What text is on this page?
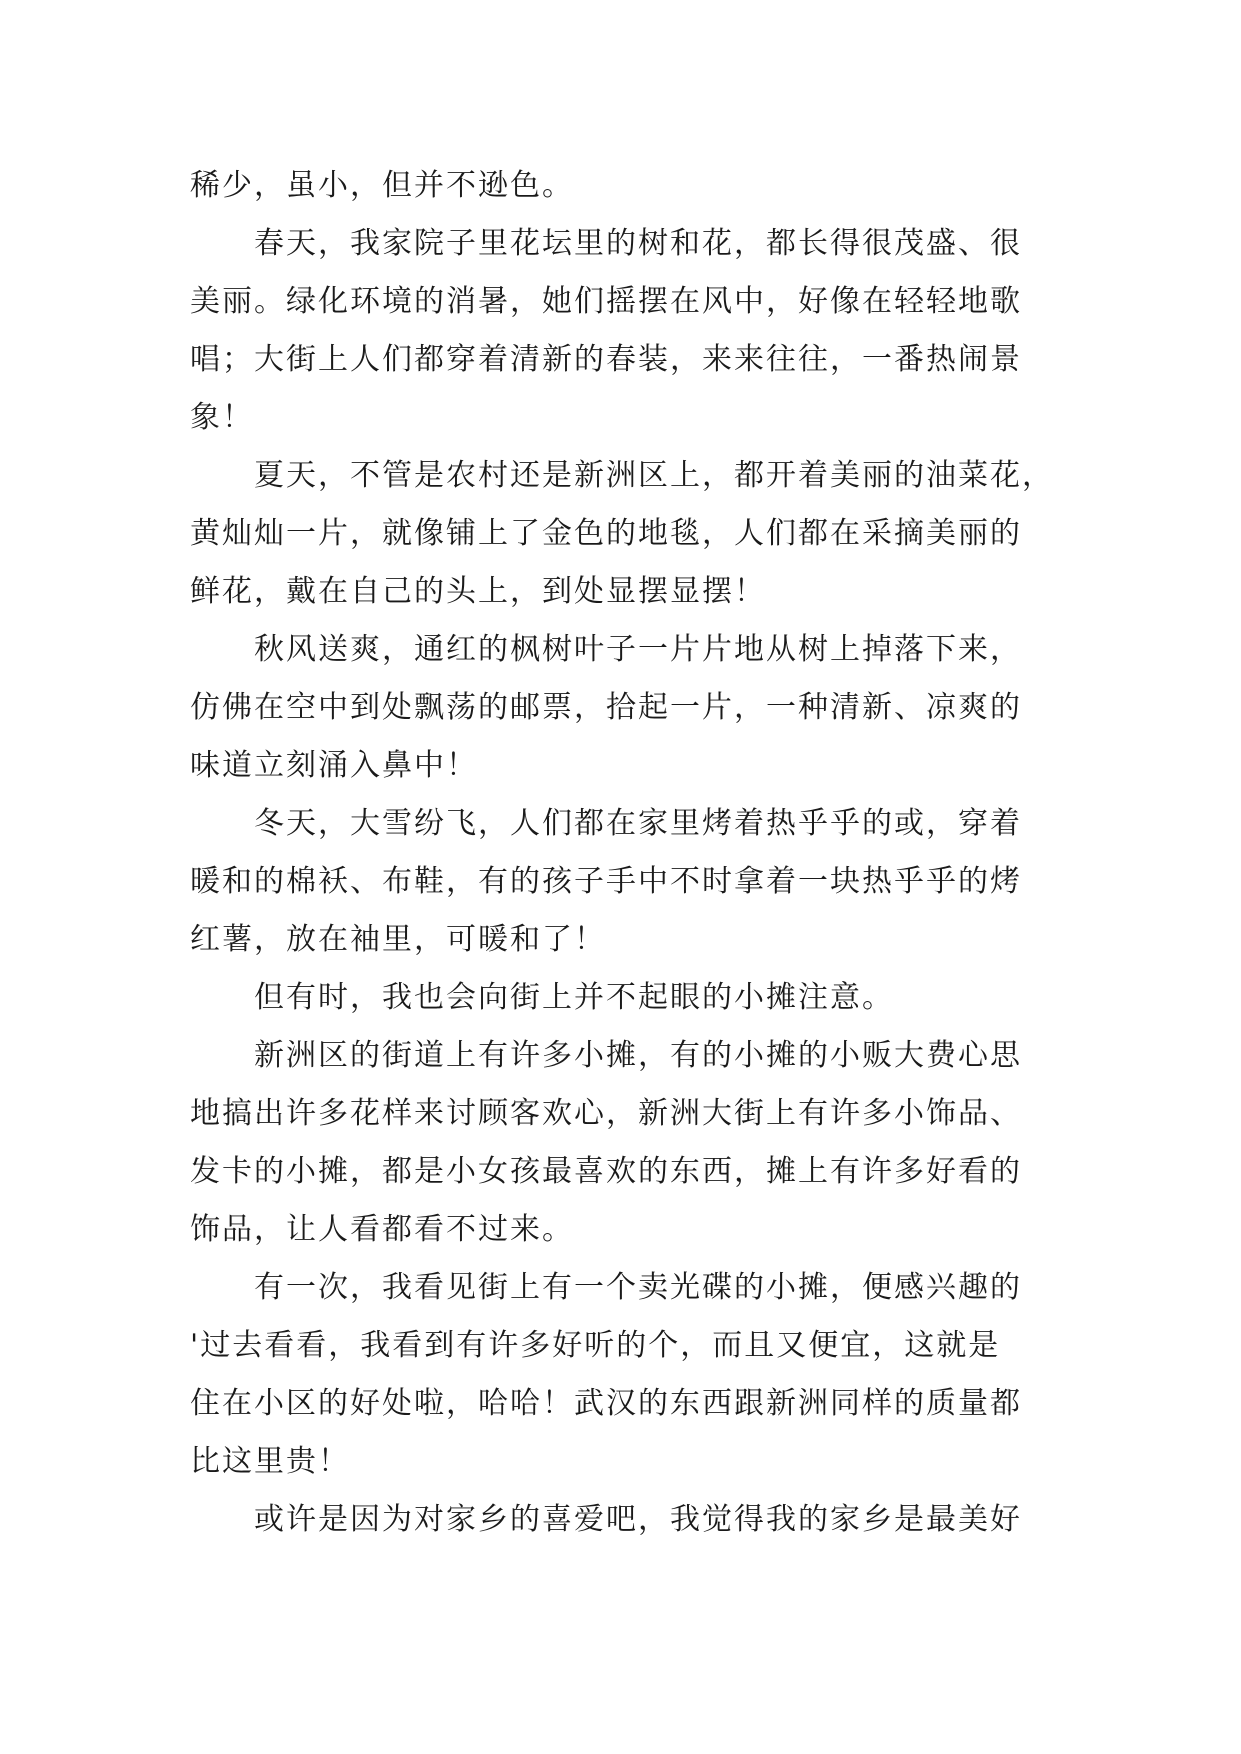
稀少，虽小，但并不逊色。
春天，我家院子里花坛里的树和花，都长得很茂盛、很
美丽。绿化环境的消暑，她们摇摆在风中，好像在轻轻地歌
唱；大街上人们都穿着清新的春装，来来往往，一番热闹景
象！
夏天，不管是农村还是新洲区上，都开着美丽的油菜花，
黄灿灿一片，就像铺上了金色的地毯，人们都在采摘美丽的
鲜花，戴在自己的头上，到处显摆显摆！
秋风送爽，通红的枫树叶子一片片地从树上掉落下来，
仿佛在空中到处飘荡的邮票，拾起一片，一种清新、凉爽的
味道立刻涌入鼻中！
冬天，大雪纷飞，人们都在家里烤着热乎乎的或，穿着
暖和的棉袄、布鞋，有的孩子手中不时拿着一块热乎乎的烤
红薯，放在袖里，可暖和了！
但有时，我也会向街上并不起眼的小摊注意。
新洲区的街道上有许多小摊，有的小摊的小贩大费心思
地搞出许多花样来讨顾客欢心，新洲大街上有许多小饰品、
发卡的小摊，都是小女孩最喜欢的东西，摊上有许多好看的
饰品，让人看都看不过来。
有一次，我看见街上有一个卖光碟的小摊，便感兴趣的
'过去看看，我看到有许多好听的个，而且又便宜，这就是
住在小区的好处啦，哈哈！武汉的东西跟新洲同样的质量都
比这里贵！
或许是因为对家乡的喜爱吧，我觉得我的家乡是最美好
